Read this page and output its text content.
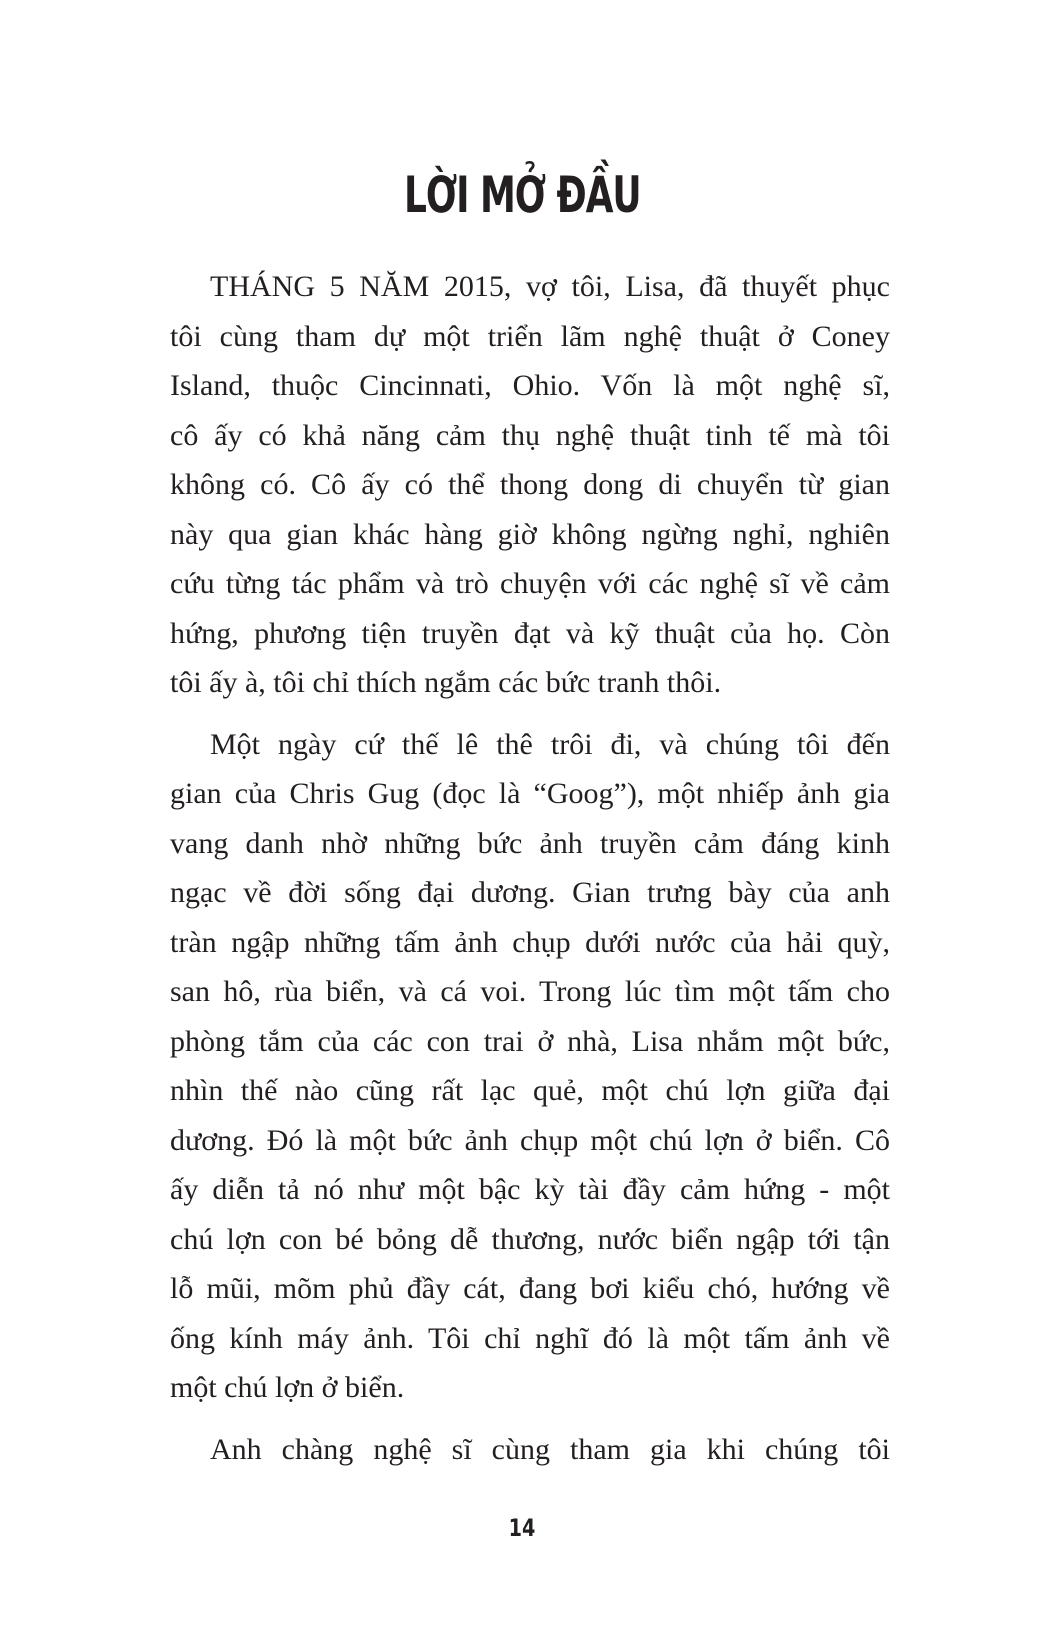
LỜI MỞ ĐẦU

THÁNG 5 NĂM 2015, vợ tôi, Lisa, đã thuyết phục
tôi cùng tham dự một triển lãm nghệ thuật ở Coney
Island, thuộc Cincinnati, Ohio. Vốn là một nghệ sĩ,
cô ấy có khả năng cảm thụ nghệ thuật tinh tế mà tôi
không có. Cô ấy có thể thong dong di chuyển từ gian
này qua gian khác hàng giờ không ngừng nghỉ, nghiên
cứu từng tác phẩm và trò chuyện với các nghệ sĩ về cảm
hứng, phương tiện truyền đạt và kỹ thuật của họ. Còn
tôi ấy à, tôi chỉ thích ngắm các bức tranh thôi.

Một ngày cứ thế lê thê trôi đi, và chúng tôi đến
gian của Chris Gug (đọc là “Goog”), một nhiếp ảnh gia
vang danh nhờ những bức ảnh truyền cảm đáng kinh
ngạc về đời sống đại dương. Gian trưng bày của anh
tràn ngập những tấm ảnh chụp dưới nước của hải quỳ,
san hô, rùa biển, và cá voi. Trong lúc tìm một tấm cho
phòng tắm của các con trai ở nhà, Lisa nhắm một bức,
nhìn thế nào cũng rất lạc quẻ, một chú lợn giữa đại
dương. Đó là một bức ảnh chụp một chú lợn ở biển. Cô
ấy diễn tả nó như một bậc kỳ tài đầy cảm hứng - một
chú lợn con bé bỏng dễ thương, nước biển ngập tới tận
lỗ mũi, mõm phủ đầy cát, đang bơi kiểu chó, hướng về
ống kính máy ảnh. Tôi chỉ nghĩ đó là một tấm ảnh về
một chú lợn ở biển.

Anh chàng nghệ sĩ cùng tham gia khi chúng tôi

14
